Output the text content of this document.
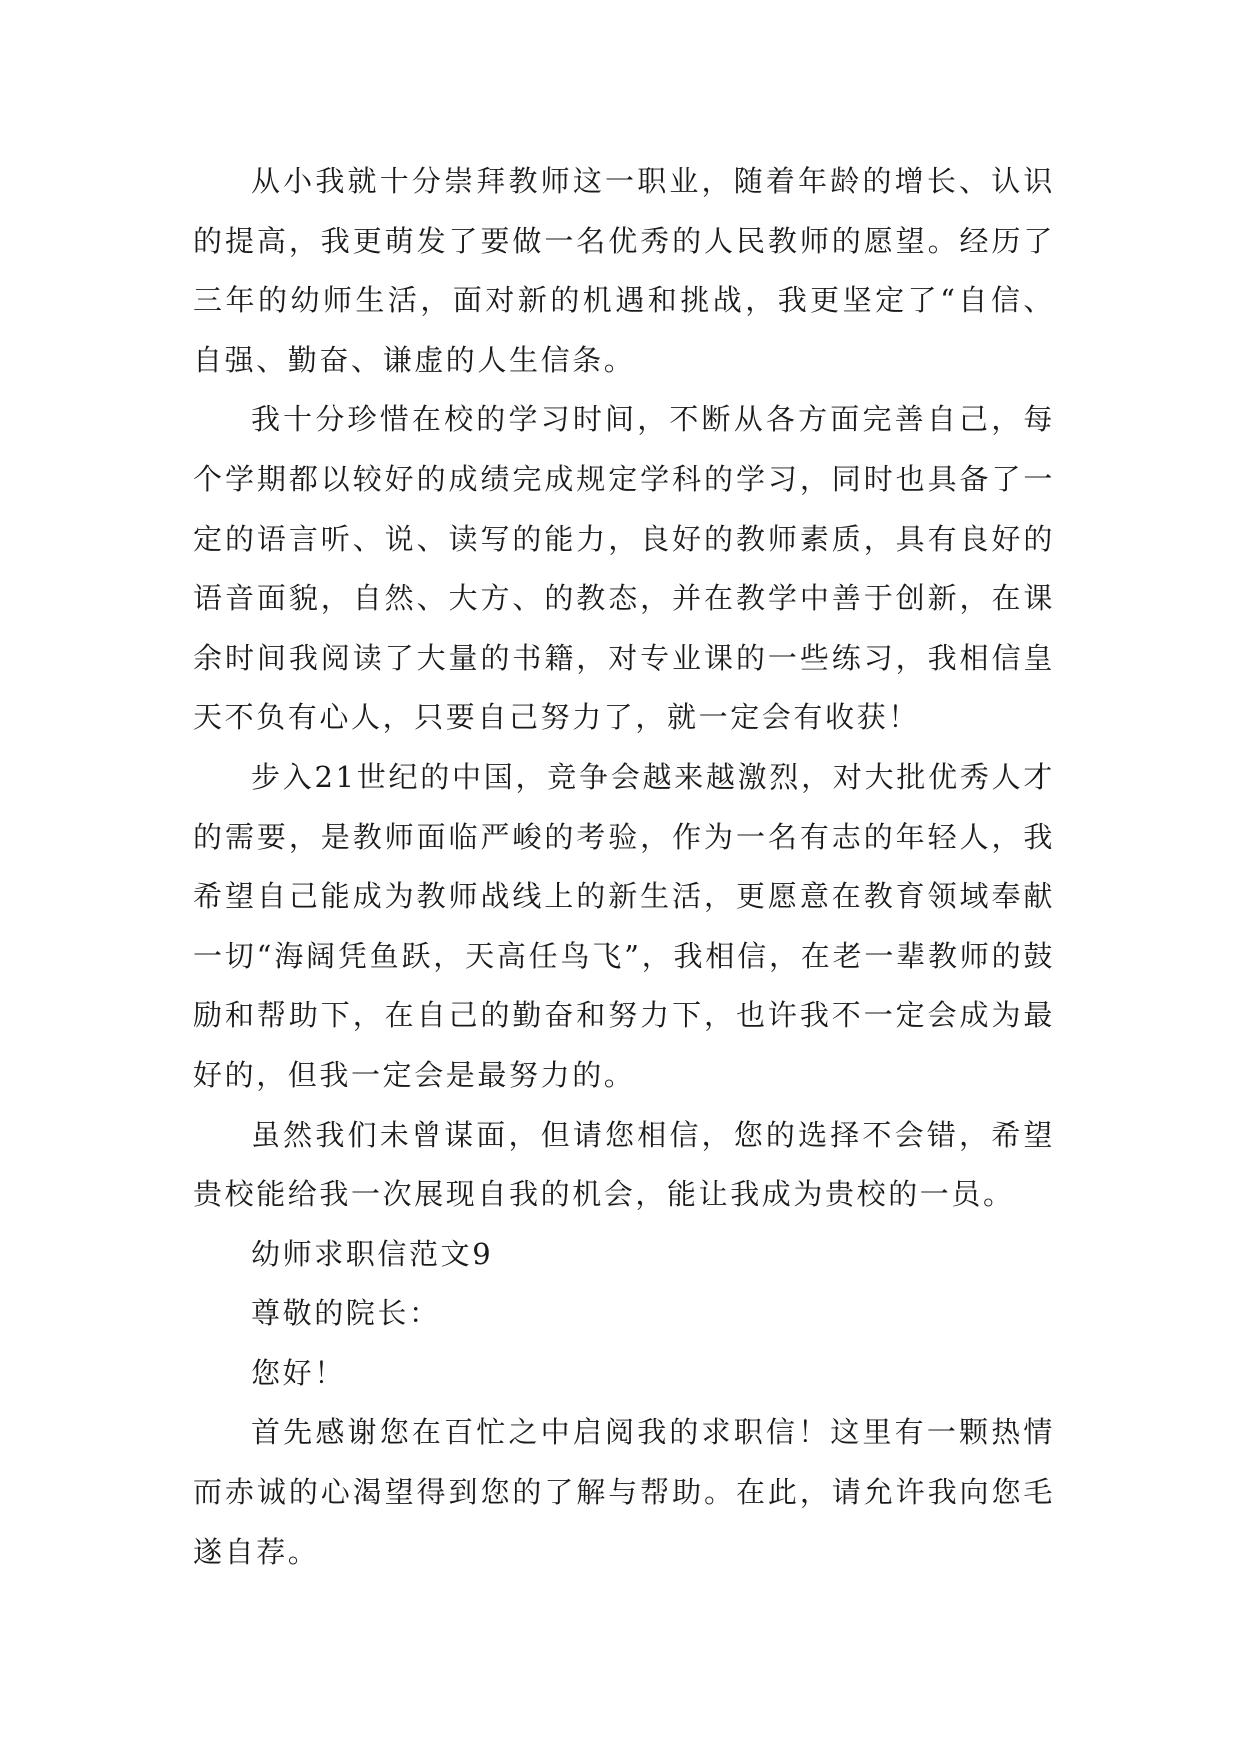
从小我就十分崇拜教师这一职业，随着年龄的增长、认识的提高，我更萌发了要做一名优秀的人民教师的愿望。经历了三年的幼师生活，面对新的机遇和挑战，我更坚定了“自信、自强、勤奋、谦虚的人生信条。

我十分珍惜在校的学习时间，不断从各方面完善自己，每个学期都以较好的成绩完成规定学科的学习，同时也具备了一定的语言听、说、读写的能力，良好的教师素质，具有良好的语音面貌，自然、大方、的教态，并在教学中善于创新，在课余时间我阅读了大量的书籍，对专业课的一些练习，我相信皇天不负有心人，只要自己努力了，就一定会有收获！

步入21世纪的中国，竞争会越来越激烈，对大批优秀人才的需要，是教师面临严峻的考验，作为一名有志的年轻人，我希望自己能成为教师战线上的新生活，更愿意在教育领域奉献一切“海阔凭鱼跃，天高任鸟飞”，我相信，在老一辈教师的鼓励和帮助下，在自己的勤奋和努力下，也许我不一定会成为最好的，但我一定会是最努力的。

虽然我们未曾谋面，但请您相信，您的选择不会错，希望贵校能给我一次展现自我的机会，能让我成为贵校的一员。

幼师求职信范文9

尊敬的院长：

您好！

首先感谢您在百忙之中启阅我的求职信！这里有一颗热情而赤诚的心渴望得到您的了解与帮助。在此，请允许我向您毛遂自荐。
